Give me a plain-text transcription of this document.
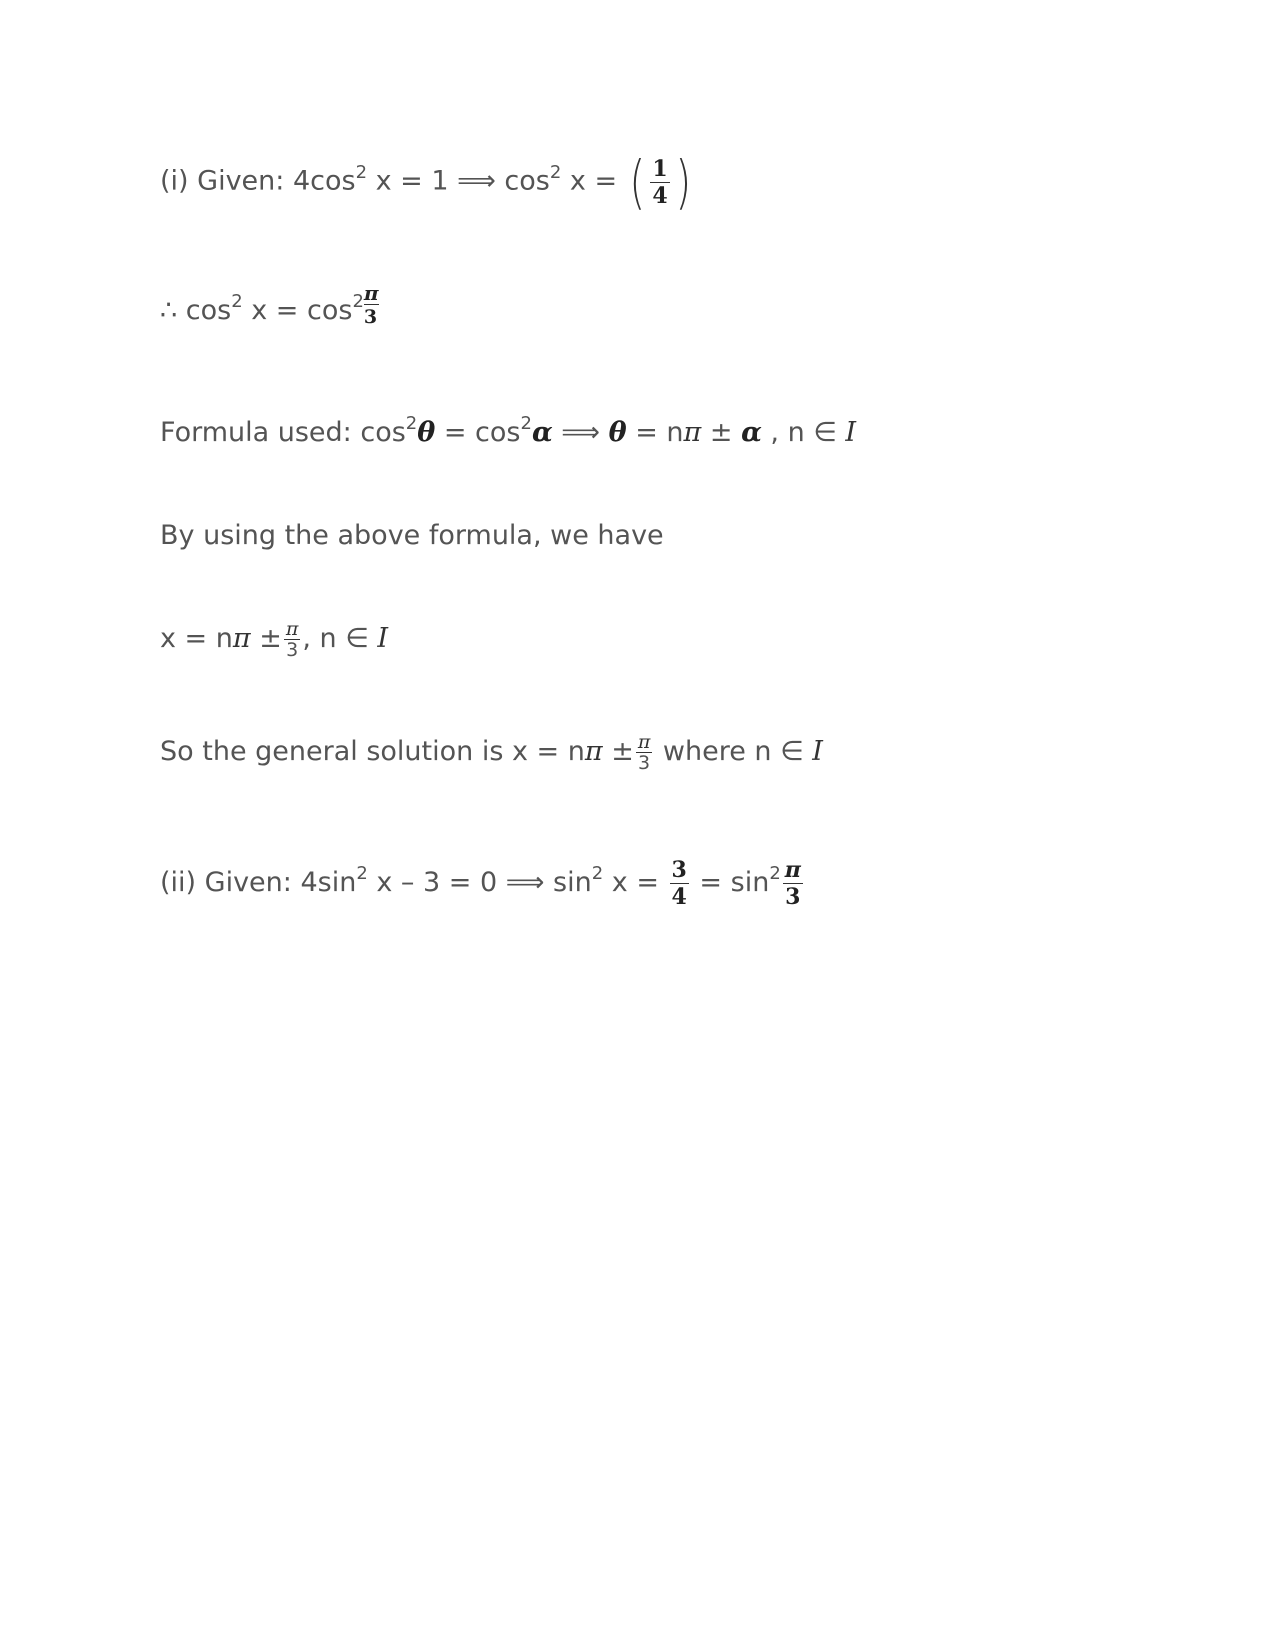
(i) Given: $4\cos^2$ x = 1 ⟹ $\cos^2 x$ = ( $\frac{1}{4}$ )
∴ $\cos^2 x = \cos^2 \frac{\pi}{3}$
Formula used: $\cos^2\theta = \cos^2\alpha$ ⟹ θ = nπ ± α , n ∈ I
By using the above formula, we have
$x = n\pi \pm \frac{\pi}{3}$ , n ∈ I
So the general solution is $x = n\pi \pm \frac{\pi}{3}$ where n ∈ I
(ii) Given: $4\sin^2$ x – 3 = 0 ⟹ $\sin^2 x = \frac{3}{4} = \sin^2 \frac{\pi}{3}$
